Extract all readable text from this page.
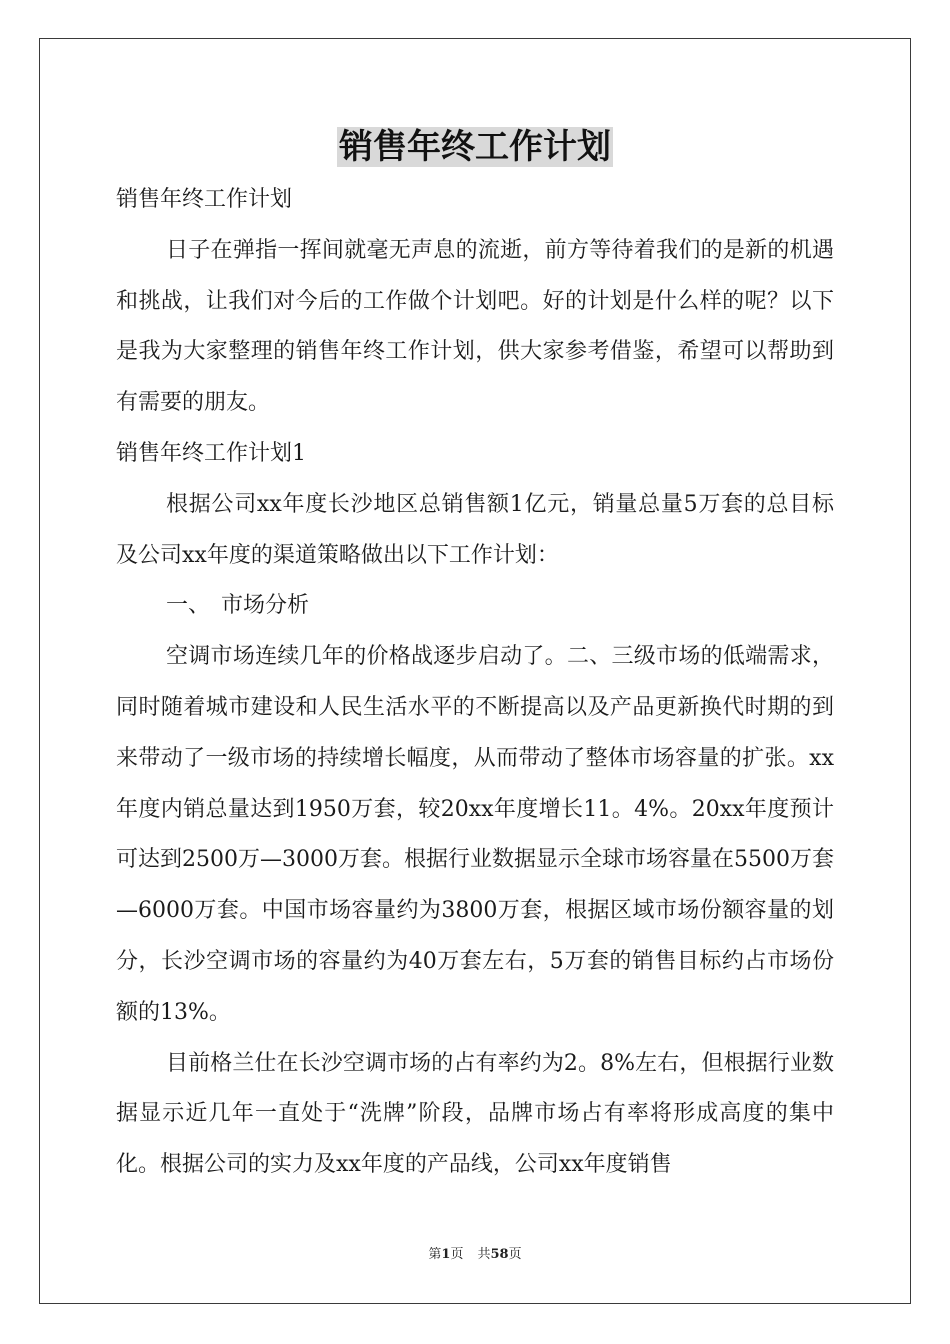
销售年终工作计划

销售年终工作计划

日子在弹指一挥间就毫无声息的流逝，前方等待着我们的是新的机遇和挑战，让我们对今后的工作做个计划吧。好的计划是什么样的呢？以下是我为大家整理的销售年终工作计划，供大家参考借鉴，希望可以帮助到有需要的朋友。

销售年终工作计划1

根据公司xx年度长沙地区总销售额1亿元，销量总量5万套的总目标及公司xx年度的渠道策略做出以下工作计划：

一、　市场分析

空调市场连续几年的价格战逐步启动了。二、三级市场的低端需求，同时随着城市建设和人民生活水平的不断提高以及产品更新换代时期的到来带动了一级市场的持续增长幅度，从而带动了整体市场容量的扩张。xx年度内销总量达到1950万套，较20xx年度增长11。4%。20xx年度预计可达到2500万—3000万套。根据行业数据显示全球市场容量在5500万套—6000万套。中国市场容量约为3800万套，根据区域市场份额容量的划分，长沙空调市场的容量约为40万套左右，5万套的销售目标约占市场份额的13%。

目前格兰仕在长沙空调市场的占有率约为2。8%左右，但根据行业数据显示近几年一直处于“洗牌”阶段，品牌市场占有率将形成高度的集中化。根据公司的实力及xx年度的产品线，公司xx年度销售

第1页 共58页
